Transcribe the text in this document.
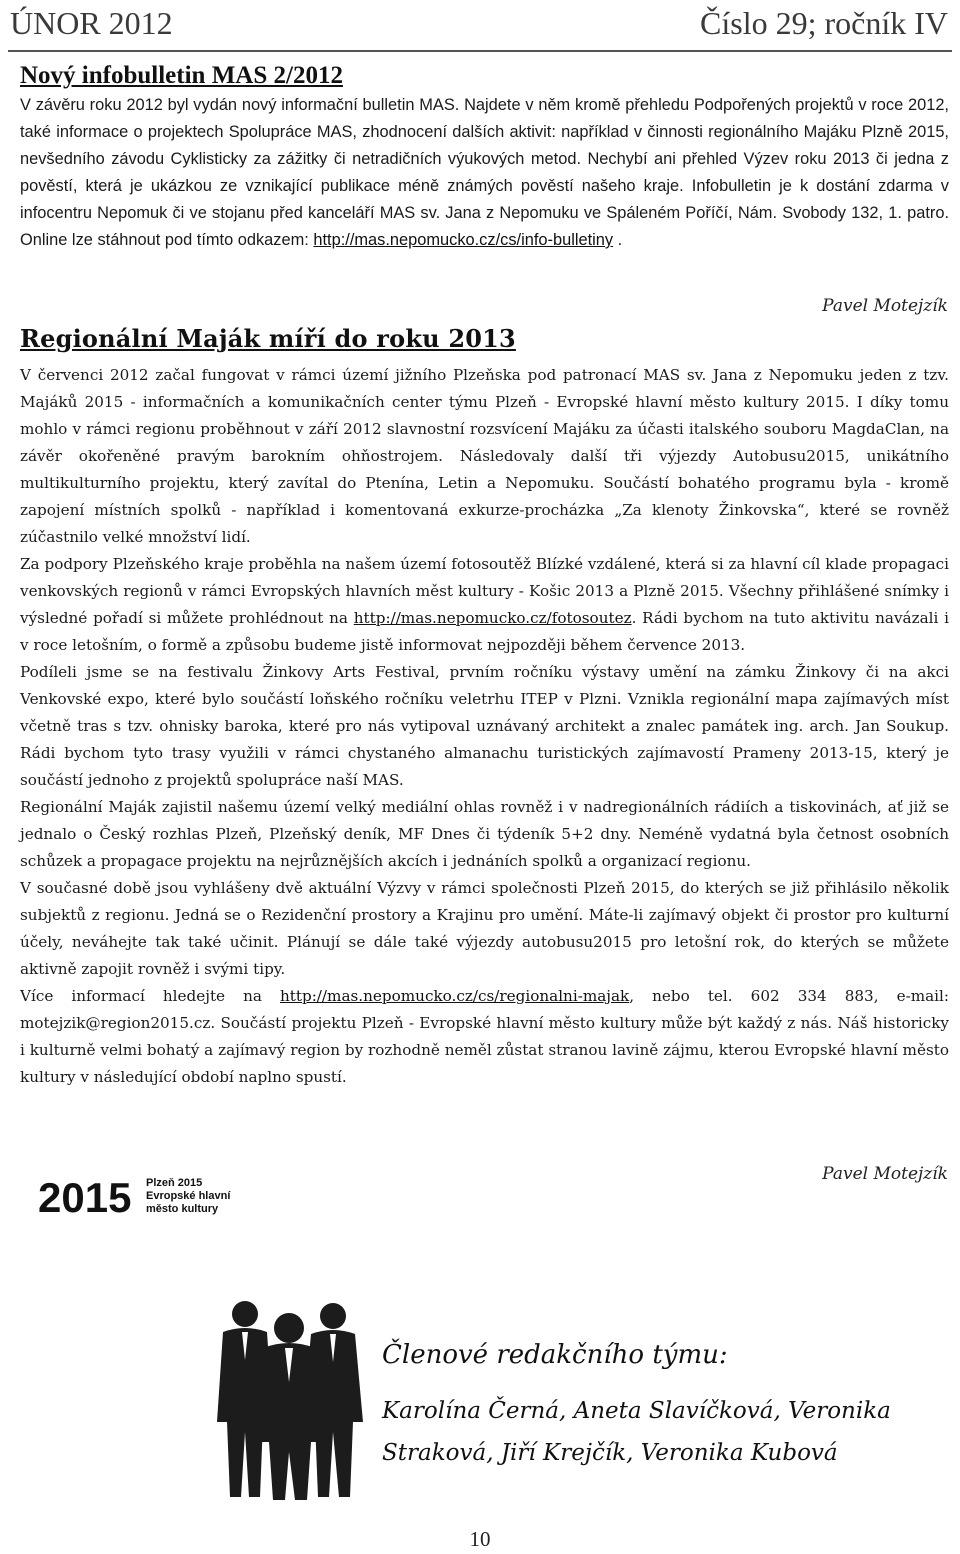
ÚNOR 2012	Číslo 29; ročník IV
Nový infobulletin MAS 2/2012

V závěru roku 2012 byl vydán nový informační bulletin MAS. Najdete v něm kromě přehledu Podpořených projektů v roce 2012, také informace o projektech Spolupráce MAS, zhodnocení dalších aktivit: například v činnosti regionálního Majáku Plzně 2015, nevšedního závodu Cyklisticky za zážitky či netradičních výukových metod. Nechybí ani přehled Výzev roku 2013 či jedna z pověstí, která je ukázkou ze vznikající publikace méně známých pověstí našeho kraje. Infobulletin je k dostání zdarma v infocentru Nepomuk či ve stojanu před kanceláří MAS sv. Jana z Nepomuku ve Spáleném Poříčí, Nám. Svobody 132, 1. patro. Online lze stáhnout pod tímto odkazem: http://mas.nepomucko.cz/cs/info-bulletiny .

Pavel Motejzík
Regionální Maják míří do roku 2013

V červenci 2012 začal fungovat v rámci území jižního Plzeňska pod patronací MAS sv. Jana z Nepomuku jeden z tzv. Majáků 2015 - informačních a komunikačních center týmu Plzeň - Evropské hlavní město kultury 2015. I díky tomu mohlo v rámci regionu proběhnout v září 2012 slavnostní rozsvícení Majáku za účasti italského souboru MagdaClan, na závěr okořeněné pravým barokním ohňostrojem. Následovaly další tři výjezdy Autobusu2015, unikátního multikulturního projektu, který zavítal do Ptenína, Letin a Nepomuku. Součástí bohatého programu byla - kromě zapojení místních spolků - například i komentovaná exkurze-procházka „Za klenoty Žinkovska“, které se rovněž zúčastnilo velké množství lidí.

Za podpory Plzeňského kraje proběhla na našem území fotosoutěž Blízké vzdálené, která si za hlavní cíl klade propagaci venkovských regionů v rámci Evropských hlavních měst kultury - Košic 2013 a Plzně 2015. Všechny přihlášené snímky i výsledné pořadí si můžete prohlédnout na http://mas.nepomucko.cz/fotosoutez. Rádi bychom na tuto aktivitu navázali i v roce letošním, o formě a způsobu budeme jistě informovat nejpozději během července 2013.

Podíleli jsme se na festivalu Žinkovy Arts Festival, prvním ročníku výstavy umění na zámku Žinkovy či na akci Venkovské expo, které bylo součástí loňského ročníku veletrhu ITEP v Plzni. Vznikla regionální mapa zajímavých míst včetně tras s tzv. ohnisky baroka, které pro nás vytipoval uznávaný architekt a znalec památek ing. arch. Jan Soukup. Rádi bychom tyto trasy využili v rámci chystaného almanachu turistických zajímavostí Prameny 2013-15, který je součástí jednoho z projektů spolupráce naší MAS.

Regionální Maják zajistil našemu území velký mediální ohlas rovněž i v nadregionálních rádiích a tiskovinách, ať již se jednalo o Český rozhlas Plzeň, Plzeňský deník, MF Dnes či týdeník 5+2 dny. Neméně vydatná byla četnost osobních schůzek a propagace projektu na nejrůznějších akcích i jednáních spolků a organizací regionu.

V současné době jsou vyhlášeny dvě aktuální Výzvy v rámci společnosti Plzeň 2015, do kterých se již přihlásilo několik subjektů z regionu. Jedná se o Rezidenční prostory a Krajinu pro umění. Máte-li zajímavý objekt či prostor pro kulturní účely, neváhejte tak také učinit. Plánují se dále také výjezdy autobusu2015 pro letošní rok, do kterých se můžete aktivně zapojit rovněž i svými tipy.

Více informací hledejte na http://mas.nepomucko.cz/cs/regionalni-majak, nebo tel. 602 334 883, e-mail: motejzik@region2015.cz. Součástí projektu Plzeň - Evropské hlavní město kultury může být každý z nás. Náš historicky i kulturně velmi bohatý a zajímavý region by rozhodně neměl zůstat stranou lavině zájmu, kterou Evropské hlavní město kultury v následující období naplno spustí.

Pavel Motejzík
2015 Plzeň 2015
Evropské hlavní
město kultury
Členové redakčního týmu:
Karolína Černá, Aneta Slavíčková, Veronika
Straková, Jiří Krejčík, Veronika Kubová
10
